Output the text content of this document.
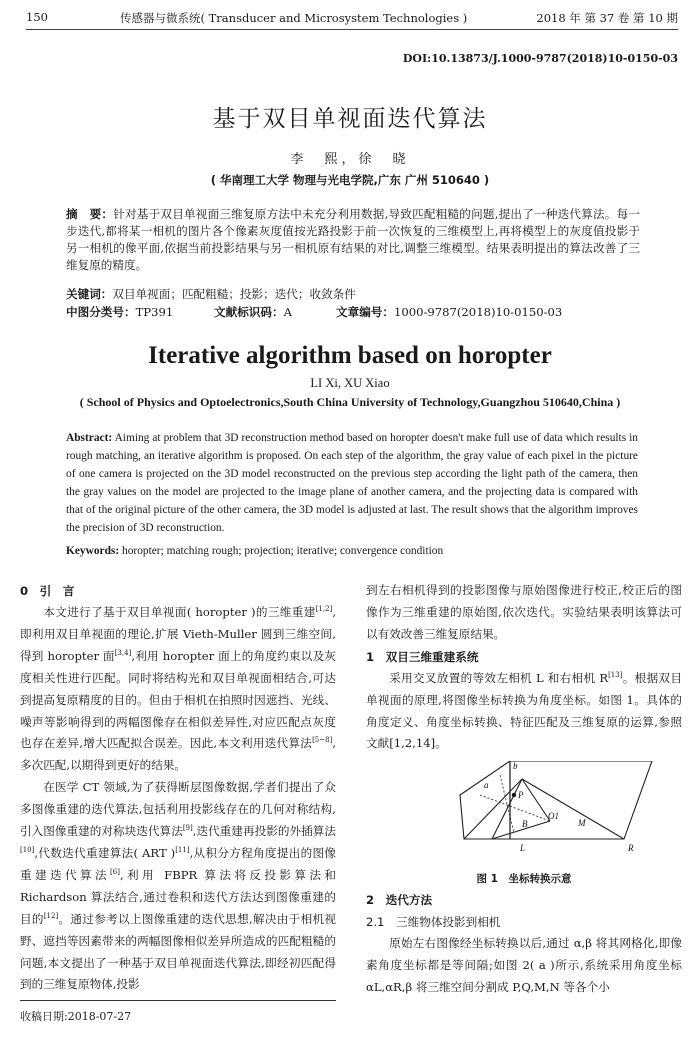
150	传感器与微系统( Transducer and Microsystem Technologies )	2018 年 第 37 卷 第 10 期
DOI:10.13873/J.1000-9787(2018)10-0150-03
基于双目单视面迭代算法
李　熙，徐　晓
( 华南理工大学 物理与光电学院,广东 广州 510640 )
摘　要：针对基于双目单视面三维复原方法中未充分利用数据,导致匹配粗糙的问题,提出了一种迭代算法。每一步迭代,都将某一相机的图片各个像素灰度值按光路投影于前一次恢复的三维模型上,再将模型上的灰度值投影于另一相机的像平面,依据当前投影结果与另一相机原有结果的对比,调整三维模型。结果表明提出的算法改善了三维复原的精度。
关键词：双目单视面；匹配粗糙；投影；迭代；收敛条件
中图分类号：TP391	文献标识码：A	文章编号：1000-9787(2018)10-0150-03
Iterative algorithm based on horopter
LI Xi, XU Xiao
( School of Physics and Optoelectronics,South China University of Technology,Guangzhou 510640,China )
Abstract: Aiming at problem that 3D reconstruction method based on horopter doesn't make full use of data which results in rough matching, an iterative algorithm is proposed. On each step of the algorithm, the gray value of each pixel in the picture of one camera is projected on the 3D model reconstructed on the previous step according the light path of the camera, then the gray values on the model are projected to the image plane of another camera, and the projecting data is compared with that of the original picture of the other camera, the 3D model is adjusted at last. The result shows that the algorithm improves the precision of 3D reconstruction.
Keywords: horopter; matching rough; projection; iterative; convergence condition
0　引　言

本文进行了基于双目单视面( horopter )的三维重建[1,2],即利用双目单视面的理论,扩展 Vieth-Muller 圆到三维空间,得到 horopter 面[3,4],利用 horopter 面上的角度约束以及灰度相关性进行匹配。同时将结构光和双目单视面相结合,可达到提高复原精度的目的。但由于相机在拍照时因遮挡、光线、噪声等影响得到的两幅图像存在相似差异性,对应匹配点灰度也存在差异,增大匹配拟合误差。因此,本文利用迭代算法[5~8],多次匹配,以期得到更好的结果。

在医学 CT 领域,为了获得断层图像数据,学者们提出了众多图像重建的迭代算法,包括利用投影线存在的几何对称结构,引入图像重建的对称块迭代算法[9],迭代重建再投影的外插算法[10],代数迭代重建算法( ART )[11],从积分方程角度提出的图像重建迭代算法[6],利用 FBPR 算法将反投影算法和 Richardson 算法结合,通过卷积和迭代方法达到图像重建的目的[12]。通过参考以上图像重建的迭代思想,解决由于相机视野、遮挡等因素带来的两幅图像相似差异所造成的匹配粗糙的问题,本文提出了一种基于双目单视面迭代算法,即经初匹配得到的三维复原物体,投影

到左右相机得到的投影图像与原始图像进行校正,校正后的图像作为三维重建的原始图,依次迭代。实验结果表明该算法可以有效改善三维复原结果。

1　双目三维重建系统

采用交叉放置的等效左相机 L 和右相机 R[13]。根据双目单视面的原理,将图像坐标转换为角度坐标。如图 1。具体的角度定义、角度坐标转换、特征匹配及三维复原的运算,参照文献[1,2,14]。

b
a
P
O1
B	M
L	R
图 1　坐标转换示意
2　迭代方法
2.1　三维物体投影到相机

原始左右图像经坐标转换以后,通过 α,β 将其网格化,即像素角度坐标都是等间隔;如图 2( a )所示,系统采用角度坐标 αL,αR,β 将三维空间分割成 P,Q,M,N 等各个小

收稿日期:2018-07-27
